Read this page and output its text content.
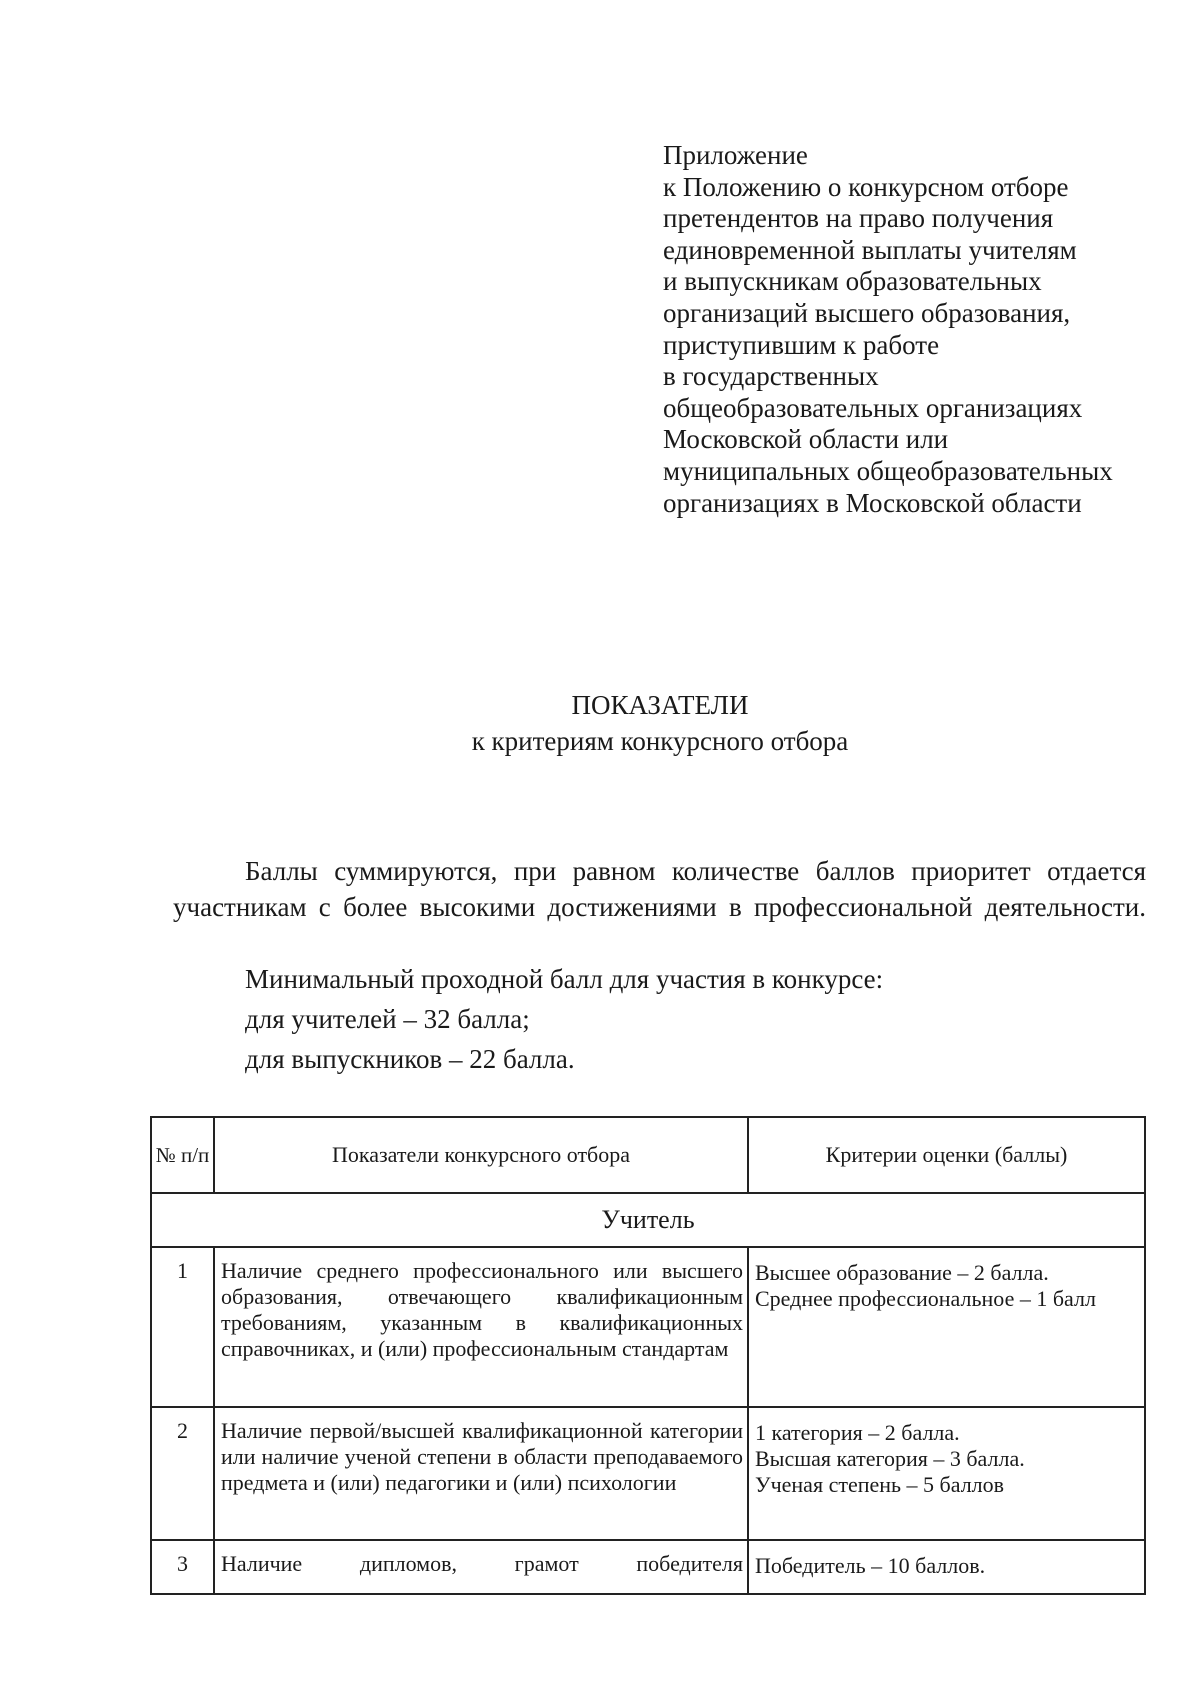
Приложение
к Положению о конкурсном отборе
претендентов на право получения
единовременной выплаты учителям
и выпускникам образовательных
организаций высшего образования,
приступившим к работе
в государственных
общеобразовательных организациях
Московской области или
муниципальных общеобразовательных
организациях в Московской области
ПОКАЗАТЕЛИ
к критериям конкурсного отбора
Баллы суммируются, при равном количестве баллов приоритет отдается участникам с более высокими достижениями в профессиональной деятельности.
Минимальный проходной балл для участия в конкурсе:
для учителей – 32 балла;
для выпускников – 22 балла.
№ п/п	Показатели конкурсного отбора	Критерии оценки (баллы)
Учитель		
1	Наличие среднего профессионального или высшего образования, отвечающего квалификационным требованиям, указанным в квалификационных справочниках, и (или) профессиональным стандартам	Высшее образование – 2 балла.
Среднее профессиональное – 1 балл

2	Наличие первой/высшей квалификационной категории или наличие ученой степени в области преподаваемого предмета и (или) педагогики и (или) психологии	1 категория – 2 балла.
Высшая категория – 3 балла.
Ученая степень – 5 баллов

3	Наличие дипломов, грамот победителя	Победитель – 10 баллов.
